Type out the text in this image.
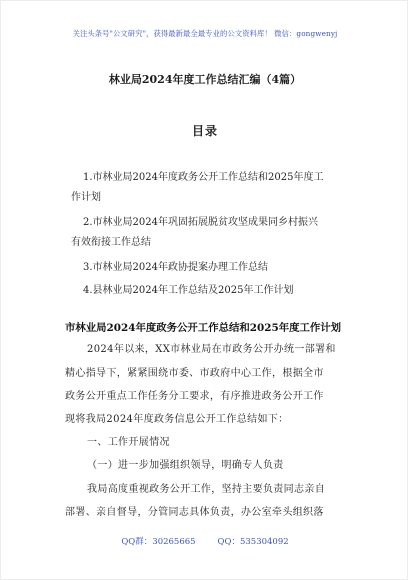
关注头条号"公文研究"，获得最新最全最专业的公文资料库！ 微信：gongwenyj
林业局2024年度工作总结汇编（4篇）
目录
1.市林业局2024年度政务公开工作总结和2025年度工
作计划
2.市林业局2024年巩固拓展脱贫攻坚成果同乡村振兴
有效衔接工作总结
3.市林业局2024年政协提案办理工作总结
4.县林业局2024年工作总结及2025年工作计划
市林业局2024年度政务公开工作总结和2025年度工作计划
2024年以来，XX市林业局在市政务公开办统一部署和
精心指导下，紧紧围绕市委、市政府中心工作，根据全市
政务公开重点工作任务分工要求，有序推进政务公开工作
现将我局2024年度政务信息公开工作总结如下：
一、工作开展情况
（一）进一步加强组织领导，明确专人负责
我局高度重视政务公开工作，坚持主要负责同志亲自
部署、亲自督导，分管同志具体负责，办公室牵头组织落
QQ群：30265665	QQ：535304092
